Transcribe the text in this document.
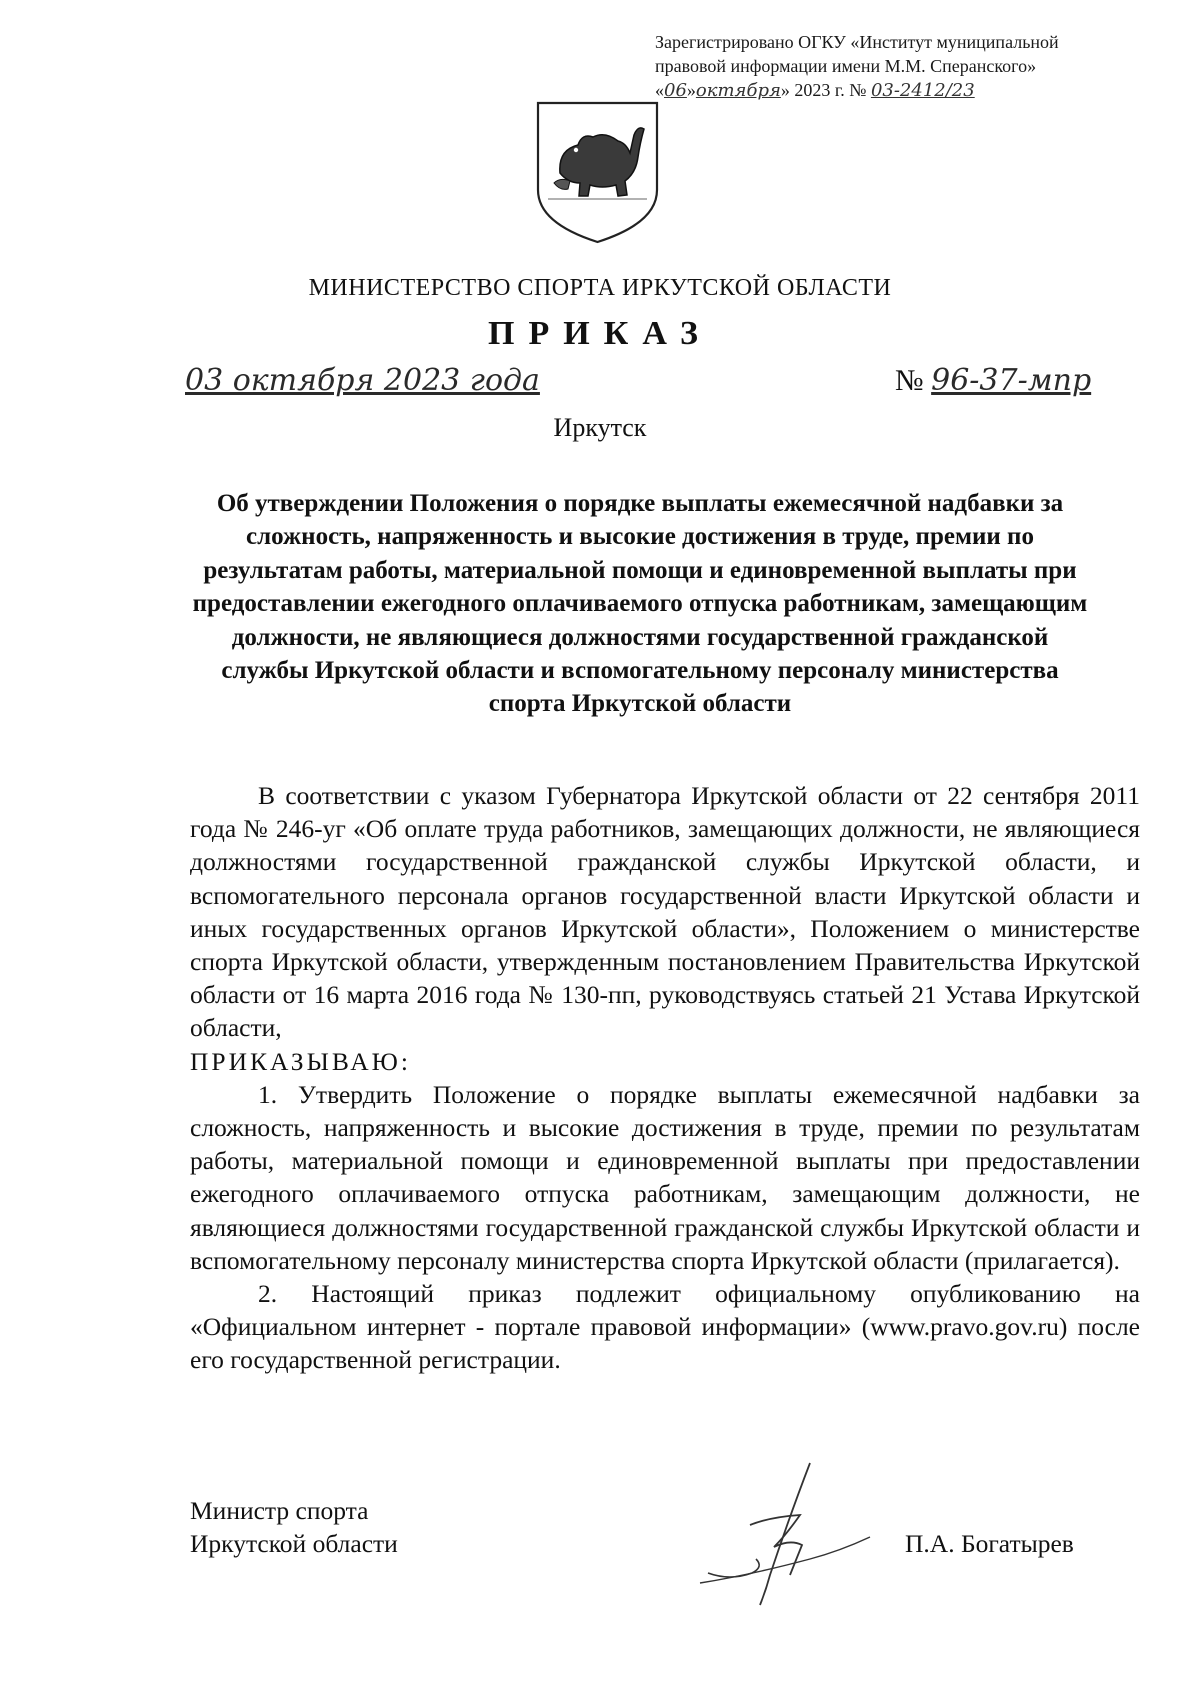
Зарегистрировано ОГКУ «Институт муниципальной
правовой информации имени М.М. Сперанского»
«06»октября» 2023 г. № 03-2412/23
МИНИСТЕРСТВО СПОРТА ИРКУТСКОЙ ОБЛАСТИ
ПРИКАЗ
03 октября 2023 года	№ 96-37-мпр
Иркутск
Об утверждении Положения о порядке выплаты ежемесячной надбавки за сложность, напряженность и высокие достижения в труде, премии по результатам работы, материальной помощи и единовременной выплаты при предоставлении ежегодного оплачиваемого отпуска работникам, замещающим должности, не являющиеся должностями государственной гражданской службы Иркутской области и вспомогательному персоналу министерства спорта Иркутской области

В соответствии с указом Губернатора Иркутской области от 22 сентября 2011 года № 246-уг «Об оплате труда работников, замещающих должности, не являющиеся должностями государственной гражданской службы Иркутской области, и вспомогательного персонала органов государственной власти Иркутской области и иных государственных органов Иркутской области», Положением о министерстве спорта Иркутской области, утвержденным постановлением Правительства Иркутской области от 16 марта 2016 года № 130-пп, руководствуясь статьей 21 Устава Иркутской области,

ПРИКАЗЫВАЮ:

1. Утвердить Положение о порядке выплаты ежемесячной надбавки за сложность, напряженность и высокие достижения в труде, премии по результатам работы, материальной помощи и единовременной выплаты при предоставлении ежегодного оплачиваемого отпуска работникам, замещающим должности, не являющиеся должностями государственной гражданской службы Иркутской области и вспомогательному персоналу министерства спорта Иркутской области (прилагается).

2. Настоящий приказ подлежит официальному опубликованию на «Официальном интернет - портале правовой информации» (www.pravo.gov.ru) после его государственной регистрации.

Министр спорта
Иркутской области	П.А. Богатырев
